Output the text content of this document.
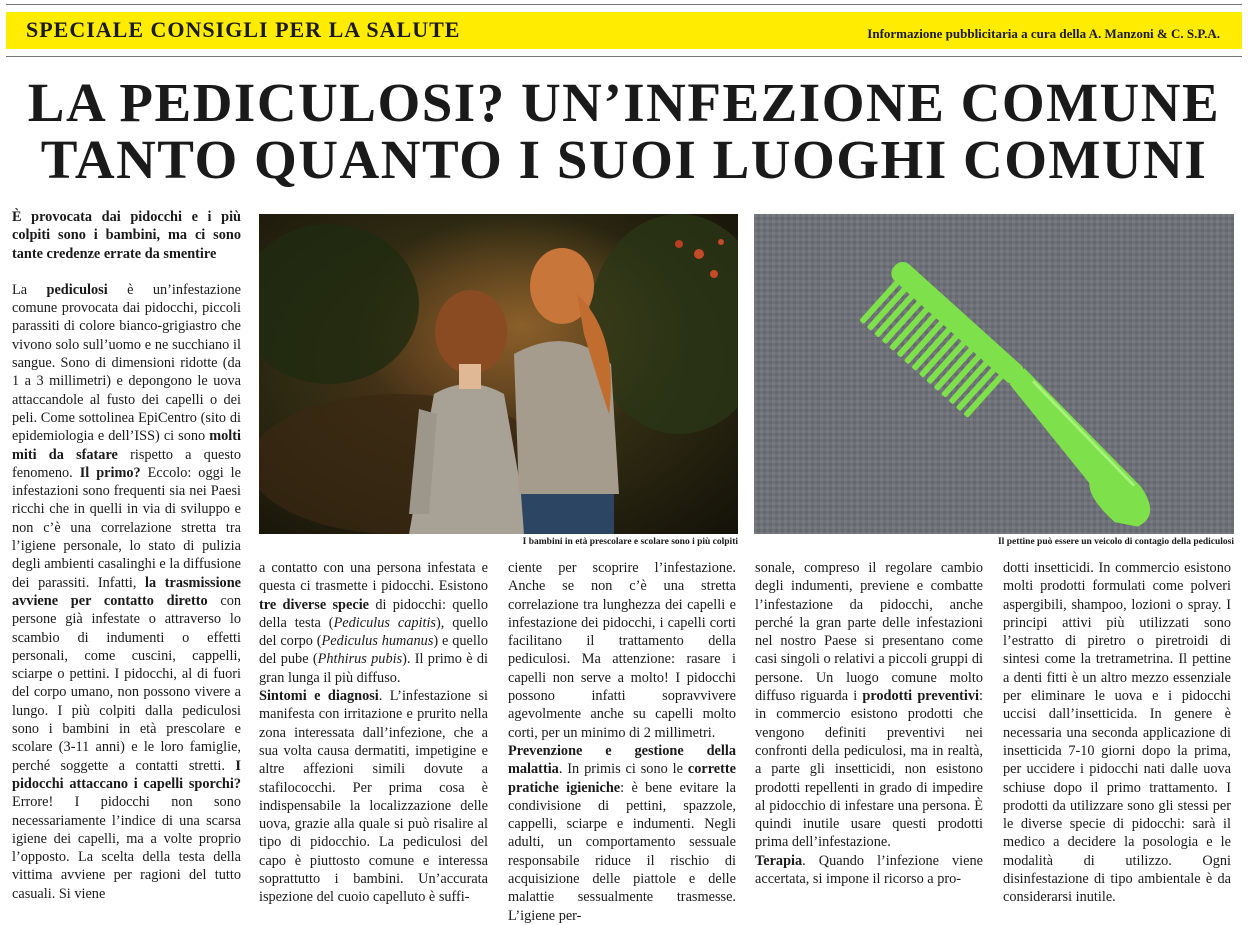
SPECIALE CONSIGLI PER LA SALUTE	Informazione pubblicitaria a cura della A. Manzoni & C. S.P.A.
LA PEDICULOSI? UN’INFEZIONE COMUNE
TANTO QUANTO I SUOI LUOGHI COMUNI

È provocata dai pidocchi e i più colpiti sono i bambini, ma ci sono tante credenze errate da smentire

La pediculosi è un’infestazione comune provocata dai pidocchi, piccoli parassiti di colore bianco-grigiastro che vivono solo sull’uomo e ne succhiano il sangue. Sono di dimensioni ridotte (da 1 a 3 millimetri) e depongono le uova attaccandole al fusto dei capelli o dei peli. Come sottolinea EpiCentro (sito di epidemiologia e dell’ISS) ci sono molti miti da sfatare rispetto a questo fenomeno. Il primo? Eccolo: oggi le infestazioni sono frequenti sia nei Paesi ricchi che in quelli in via di sviluppo e non c’è una correlazione stretta tra l’igiene personale, lo stato di pulizia degli ambienti casalinghi e la diffusione dei parassiti. Infatti, la trasmissione avviene per contatto diretto con persone già infestate o attraverso lo scambio di indumenti o effetti personali, come cuscini, cappelli, sciarpe o pettini. I pidocchi, al di fuori del corpo umano, non possono vivere a lungo. I più colpiti dalla pediculosi sono i bambini in età prescolare e scolare (3-11 anni) e le loro famiglie, perché soggette a contatti stretti. I pidocchi attaccano i capelli sporchi? Errore! I pidocchi non sono necessariamente l’indice di una scarsa igiene dei capelli, ma a volte proprio l’opposto. La scelta della testa della vittima avviene per ragioni del tutto casuali. Si viene

I bambini in età prescolare e scolare sono i più colpiti	Il pettine può essere un veicolo di contagio della pediculosi

a contatto con una persona infestata e questa ci trasmette i pidocchi. Esistono tre diverse specie di pidocchi: quello della testa (Pediculus capitis), quello del corpo (Pediculus humanus) e quello del pube (Phthirus pubis). Il primo è di gran lunga il più diffuso.

Sintomi e diagnosi. L’infestazione si manifesta con irritazione e prurito nella zona interessata dall’infezione, che a sua volta causa dermatiti, impetigine e altre affezioni simili dovute a stafilococchi. Per prima cosa è indispensabile la localizzazione delle uova, grazie alla quale si può risalire al tipo di pidocchio. La pediculosi del capo è piuttosto comune e interessa soprattutto i bambini. Un’accurata ispezione del cuoio capelluto è suffi-

ciente per scoprire l’infestazione. Anche se non c’è una stretta correlazione tra lunghezza dei capelli e infestazione dei pidocchi, i capelli corti facilitano il trattamento della pediculosi. Ma attenzione: rasare i capelli non serve a molto! I pidocchi possono infatti sopravvivere agevolmente anche su capelli molto corti, per un minimo di 2 millimetri.

Prevenzione e gestione della malattia. In primis ci sono le corrette pratiche igieniche: è bene evitare la condivisione di pettini, spazzole, cappelli, sciarpe e indumenti. Negli adulti, un comportamento sessuale responsabile riduce il rischio di acquisizione delle piattole e delle malattie sessualmente trasmesse. L’igiene per-

sonale, compreso il regolare cambio degli indumenti, previene e combatte l’infestazione da pidocchi, anche perché la gran parte delle infestazioni nel nostro Paese si presentano come casi singoli o relativi a piccoli gruppi di persone. Un luogo comune molto diffuso riguarda i prodotti preventivi: in commercio esistono prodotti che vengono definiti preventivi nei confronti della pediculosi, ma in realtà, a parte gli insetticidi, non esistono prodotti repellenti in grado di impedire al pidocchio di infestare una persona. È quindi inutile usare questi prodotti prima dell’infestazione.

Terapia. Quando l’infezione viene accertata, si impone il ricorso a pro-

dotti insetticidi. In commercio esistono molti prodotti formulati come polveri aspergibili, shampoo, lozioni o spray. I principi attivi più utilizzati sono l’estratto di piretro o piretroidi di sintesi come la tretrametrina. Il pettine a denti fitti è un altro mezzo essenziale per eliminare le uova e i pidocchi uccisi dall’insetticida. In genere è necessaria una seconda applicazione di insetticida 7-10 giorni dopo la prima, per uccidere i pidocchi nati dalle uova schiuse dopo il primo trattamento. I prodotti da utilizzare sono gli stessi per le diverse specie di pidocchi: sarà il medico a decidere la posologia e le modalità di utilizzo. Ogni disinfestazione di tipo ambientale è da considerarsi inutile.
